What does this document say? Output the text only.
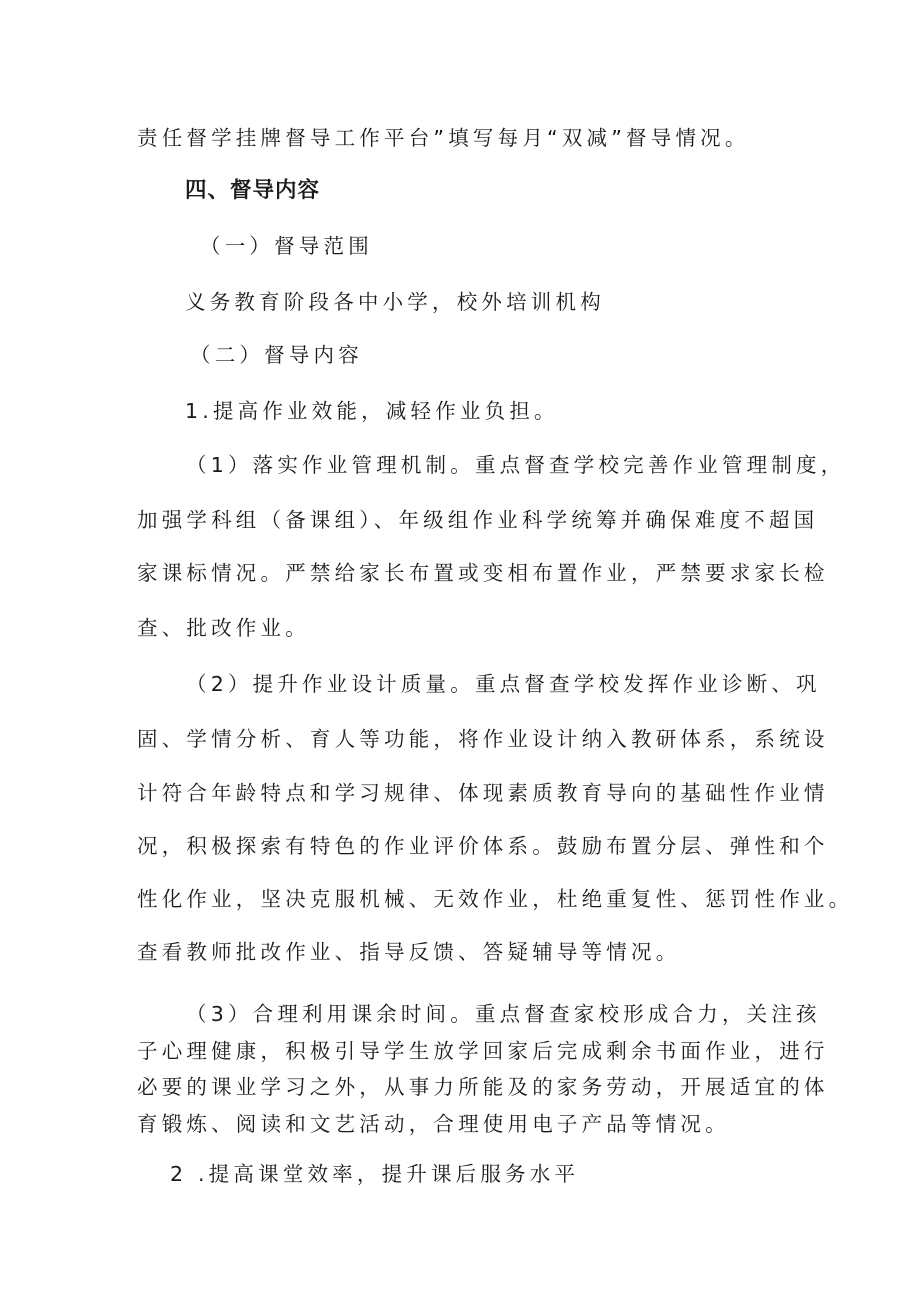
责任督学挂牌督导工作平台”填写每月“双减”督导情况。
四、督导内容
（一）督导范围
义务教育阶段各中小学，校外培训机构
（二）督导内容
1.提高作业效能，减轻作业负担。
（1）落实作业管理机制。重点督查学校完善作业管理制度，
加强学科组（备课组）、年级组作业科学统筹并确保难度不超国
家课标情况。严禁给家长布置或变相布置作业，严禁要求家长检
查、批改作业。
（2）提升作业设计质量。重点督查学校发挥作业诊断、巩
固、学情分析、育人等功能，将作业设计纳入教研体系，系统设
计符合年龄特点和学习规律、体现素质教育导向的基础性作业情
况，积极探索有特色的作业评价体系。鼓励布置分层、弹性和个
性化作业，坚决克服机械、无效作业，杜绝重复性、惩罚性作业。
查看教师批改作业、指导反馈、答疑辅导等情况。
（3）合理利用课余时间。重点督查家校形成合力，关注孩
子心理健康，积极引导学生放学回家后完成剩余书面作业，进行
必要的课业学习之外，从事力所能及的家务劳动，开展适宜的体
育锻炼、阅读和文艺活动，合理使用电子产品等情况。
2 .提高课堂效率，提升课后服务水平
